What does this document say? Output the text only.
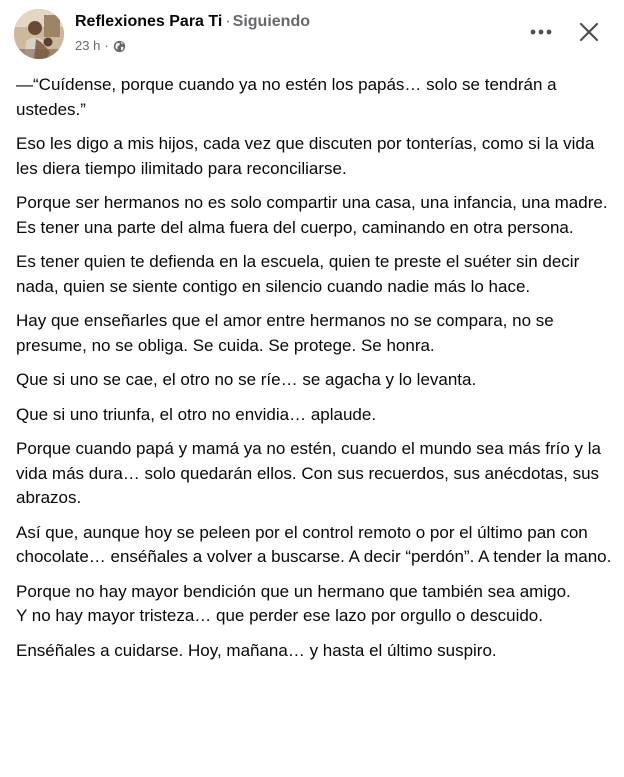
Reflexiones Para Ti · Siguiendo
23 h ·

—“Cuídense, porque cuando ya no estén los papás… solo se tendrán a ustedes.”

Eso les digo a mis hijos, cada vez que discuten por tonterías, como si la vida les diera tiempo ilimitado para reconciliarse.

Porque ser hermanos no es solo compartir una casa, una infancia, una madre. Es tener una parte del alma fuera del cuerpo, caminando en otra persona.

Es tener quien te defienda en la escuela, quien te preste el suéter sin decir nada, quien se siente contigo en silencio cuando nadie más lo hace.

Hay que enseñarles que el amor entre hermanos no se compara, no se presume, no se obliga. Se cuida. Se protege. Se honra.

Que si uno se cae, el otro no se ríe… se agacha y lo levanta.

Que si uno triunfa, el otro no envidia… aplaude.

Porque cuando papá y mamá ya no estén, cuando el mundo sea más frío y la vida más dura… solo quedarán ellos. Con sus recuerdos, sus anécdotas, sus abrazos.

Así que, aunque hoy se peleen por el control remoto o por el último pan con chocolate… enséñales a volver a buscarse. A decir “perdón”. A tender la mano.

Porque no hay mayor bendición que un hermano que también sea amigo.
Y no hay mayor tristeza… que perder ese lazo por orgullo o descuido.

Enséñales a cuidarse. Hoy, mañana… y hasta el último suspiro.
